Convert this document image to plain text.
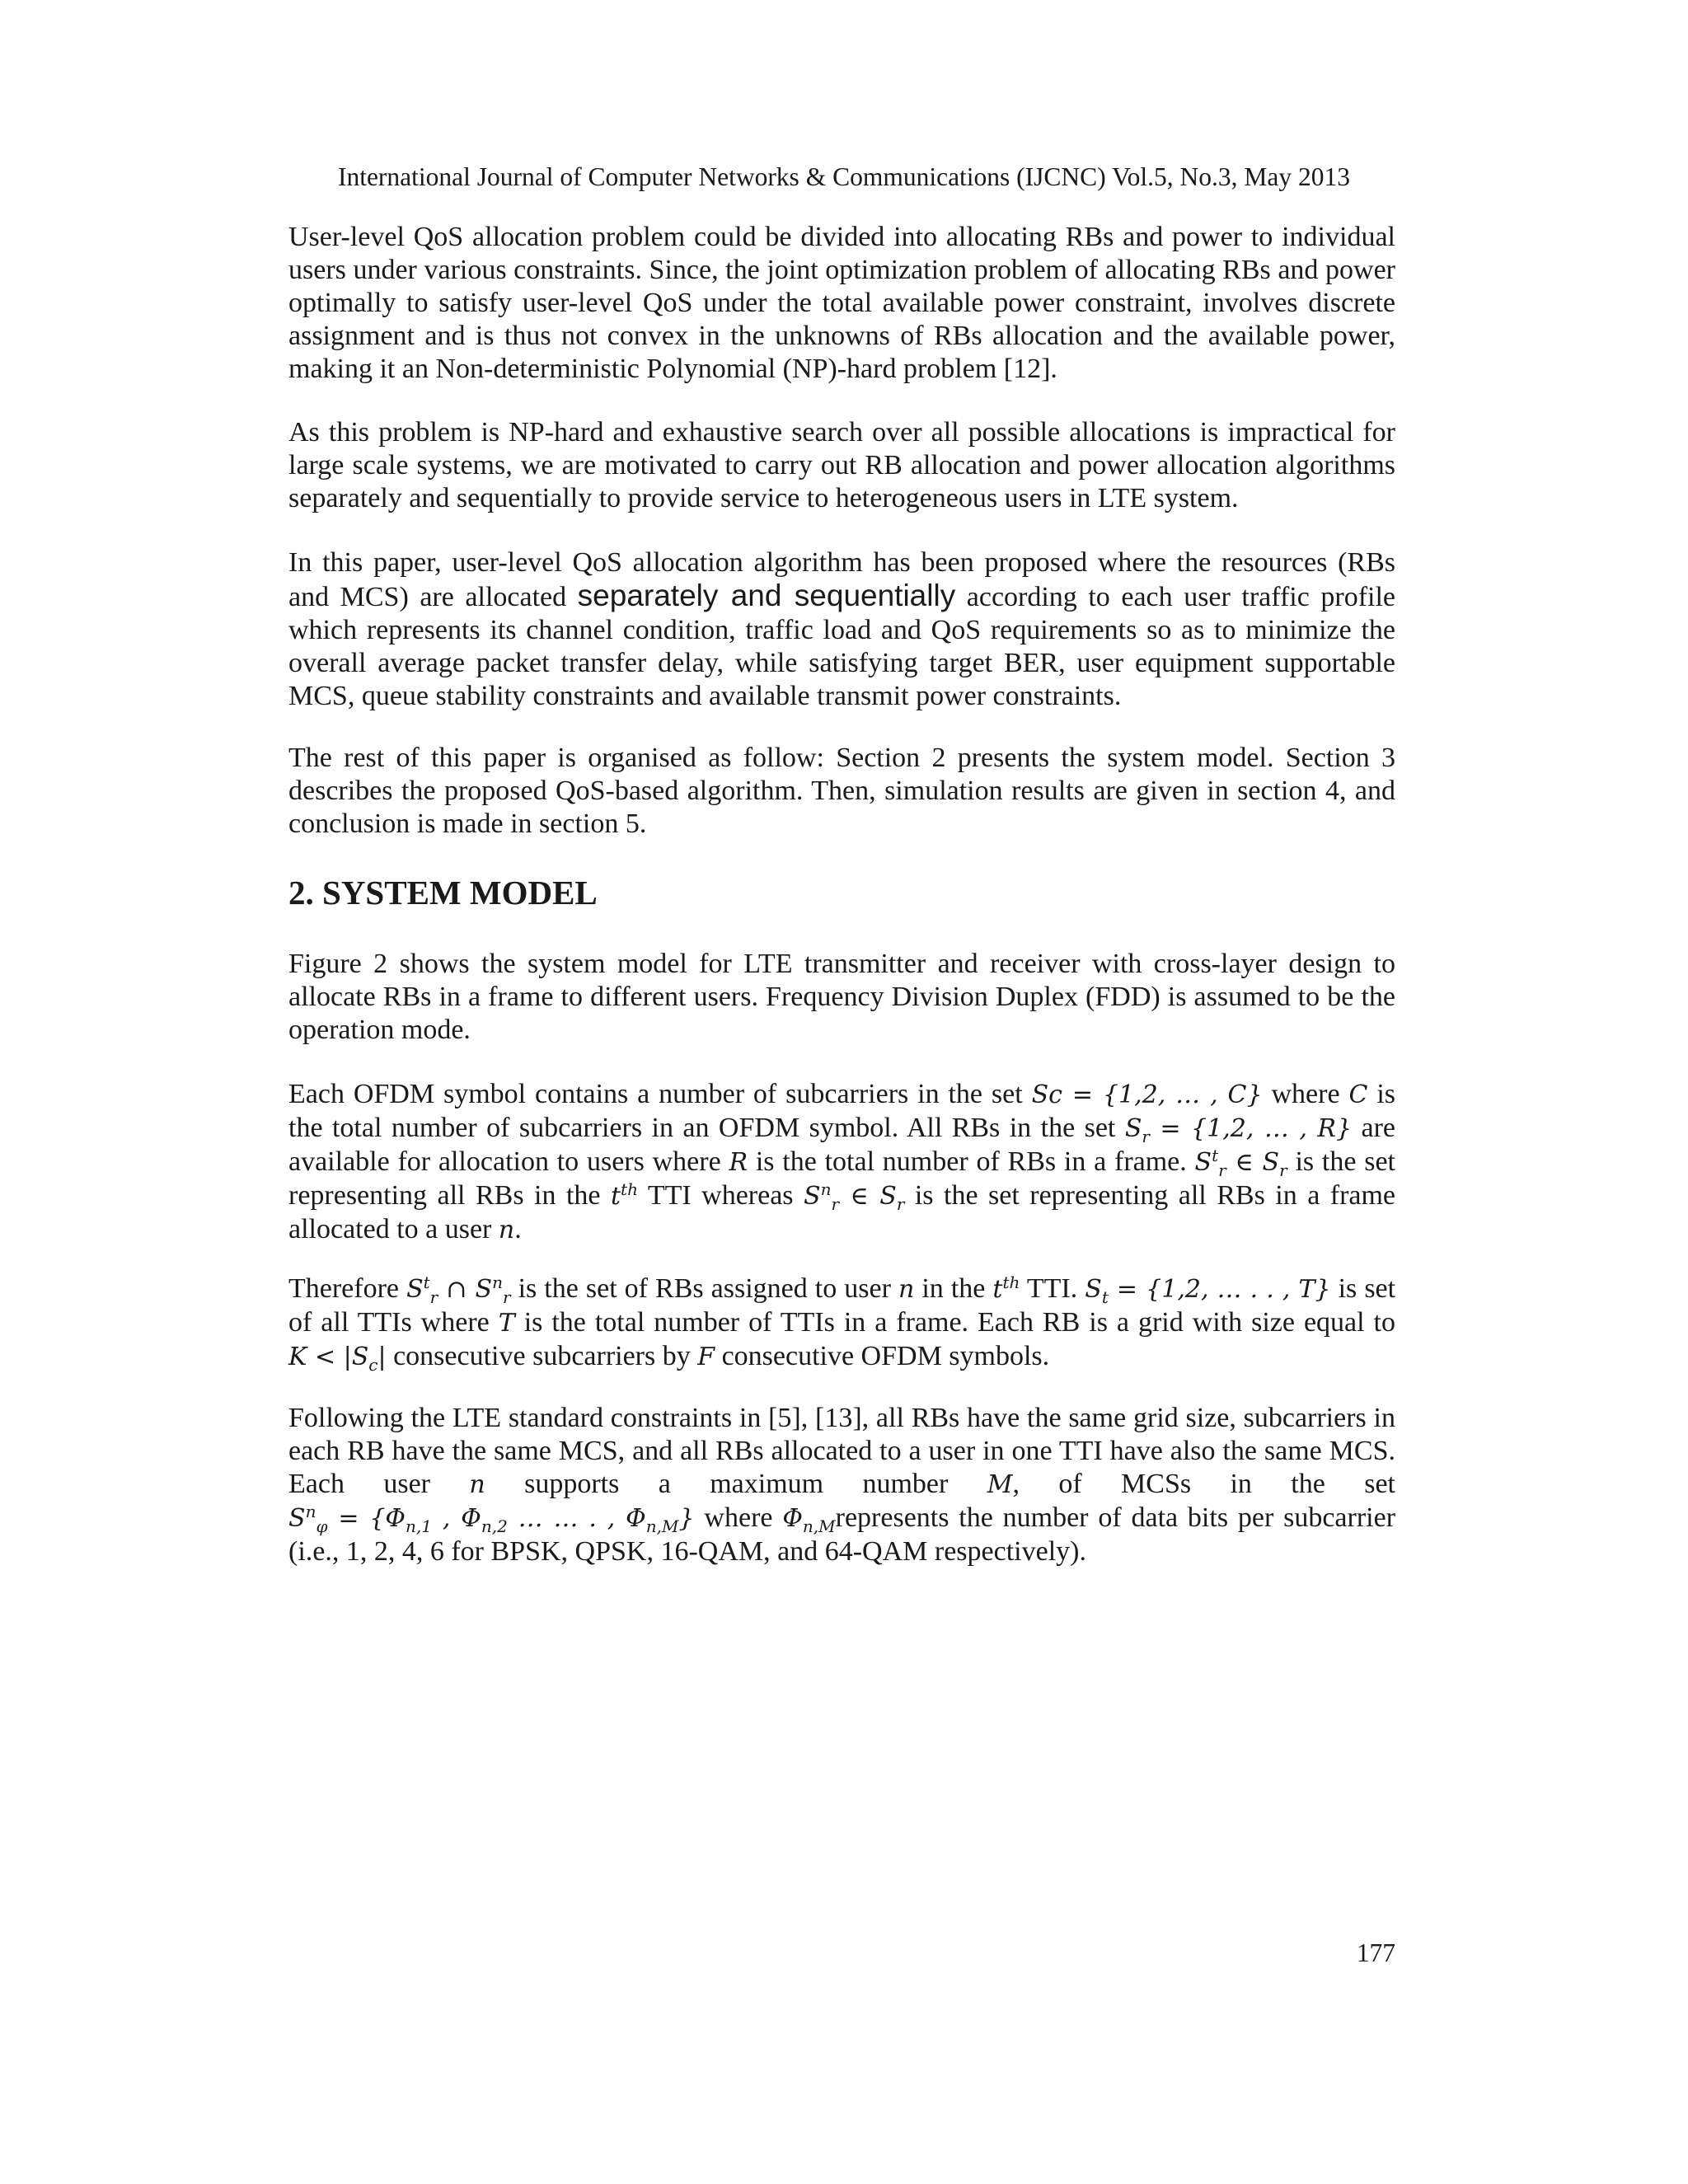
International Journal of Computer Networks & Communications (IJCNC) Vol.5, No.3, May 2013

User-level QoS allocation problem could be divided into allocating RBs and power to individual users under various constraints. Since, the joint optimization problem of allocating RBs and power optimally to satisfy user-level QoS under the total available power constraint, involves discrete assignment and is thus not convex in the unknowns of RBs allocation and the available power, making it an Non-deterministic Polynomial (NP)-hard problem [12].

As this problem is NP-hard and exhaustive search over all possible allocations is impractical for large scale systems, we are motivated to carry out RB allocation and power allocation algorithms separately and sequentially to provide service to heterogeneous users in LTE system.

In this paper, user-level QoS allocation algorithm has been proposed where the resources (RBs and MCS) are allocated separately and sequentially according to each user traffic profile which represents its channel condition, traffic load and QoS requirements so as to minimize the overall average packet transfer delay, while satisfying target BER, user equipment supportable MCS, queue stability constraints and available transmit power constraints.

The rest of this paper is organised as follow: Section 2 presents the system model. Section 3 describes the proposed QoS-based algorithm. Then, simulation results are given in section 4, and conclusion is made in section 5.

2. SYSTEM MODEL

Figure 2 shows the system model for LTE transmitter and receiver with cross-layer design to allocate RBs in a frame to different users. Frequency Division Duplex (FDD) is assumed to be the operation mode.

Each OFDM symbol contains a number of subcarriers in the set Sc = {1,2, … , C} where C is the total number of subcarriers in an OFDM symbol. All RBs in the set $S_r = \{1,2$, … , R} are available for allocation to users where R is the total number of RBs in a frame. $S^t_r$ ∈ $S_r$ is the set representing all RBs in the $t^{th}$ TTI whereas $S^n_r$ ∈ $S_r$ is the set representing all RBs in a frame allocated to a user n.

Therefore $S^t_r$ ∩ $S^n_r$ is the set of RBs assigned to user n in the $t^{th}$ TTI. $S_t = \{1,2$, … . . , T} is set of all TTIs where T is the total number of TTIs in a frame. Each RB is a grid with size equal to $K < |S_c|$ consecutive subcarriers by F consecutive OFDM symbols.

Following the LTE standard constraints in [5], [13], all RBs have the same grid size, subcarriers in each RB have the same MCS, and all RBs allocated to a user in one TTI have also the same MCS. Each user n supports a maximum number M, of MCSs in the set $S^n_\varphi = \{\Phi_{n,1}$ , $\Phi_{n,2}$ … … . , $\Phi_{n,M}$} where $\Phi_{n,M}represents$ the number of data bits per subcarrier (i.e., 1, 2, 4, 6 for BPSK, QPSK, 16-QAM, and 64-QAM respectively).

177
